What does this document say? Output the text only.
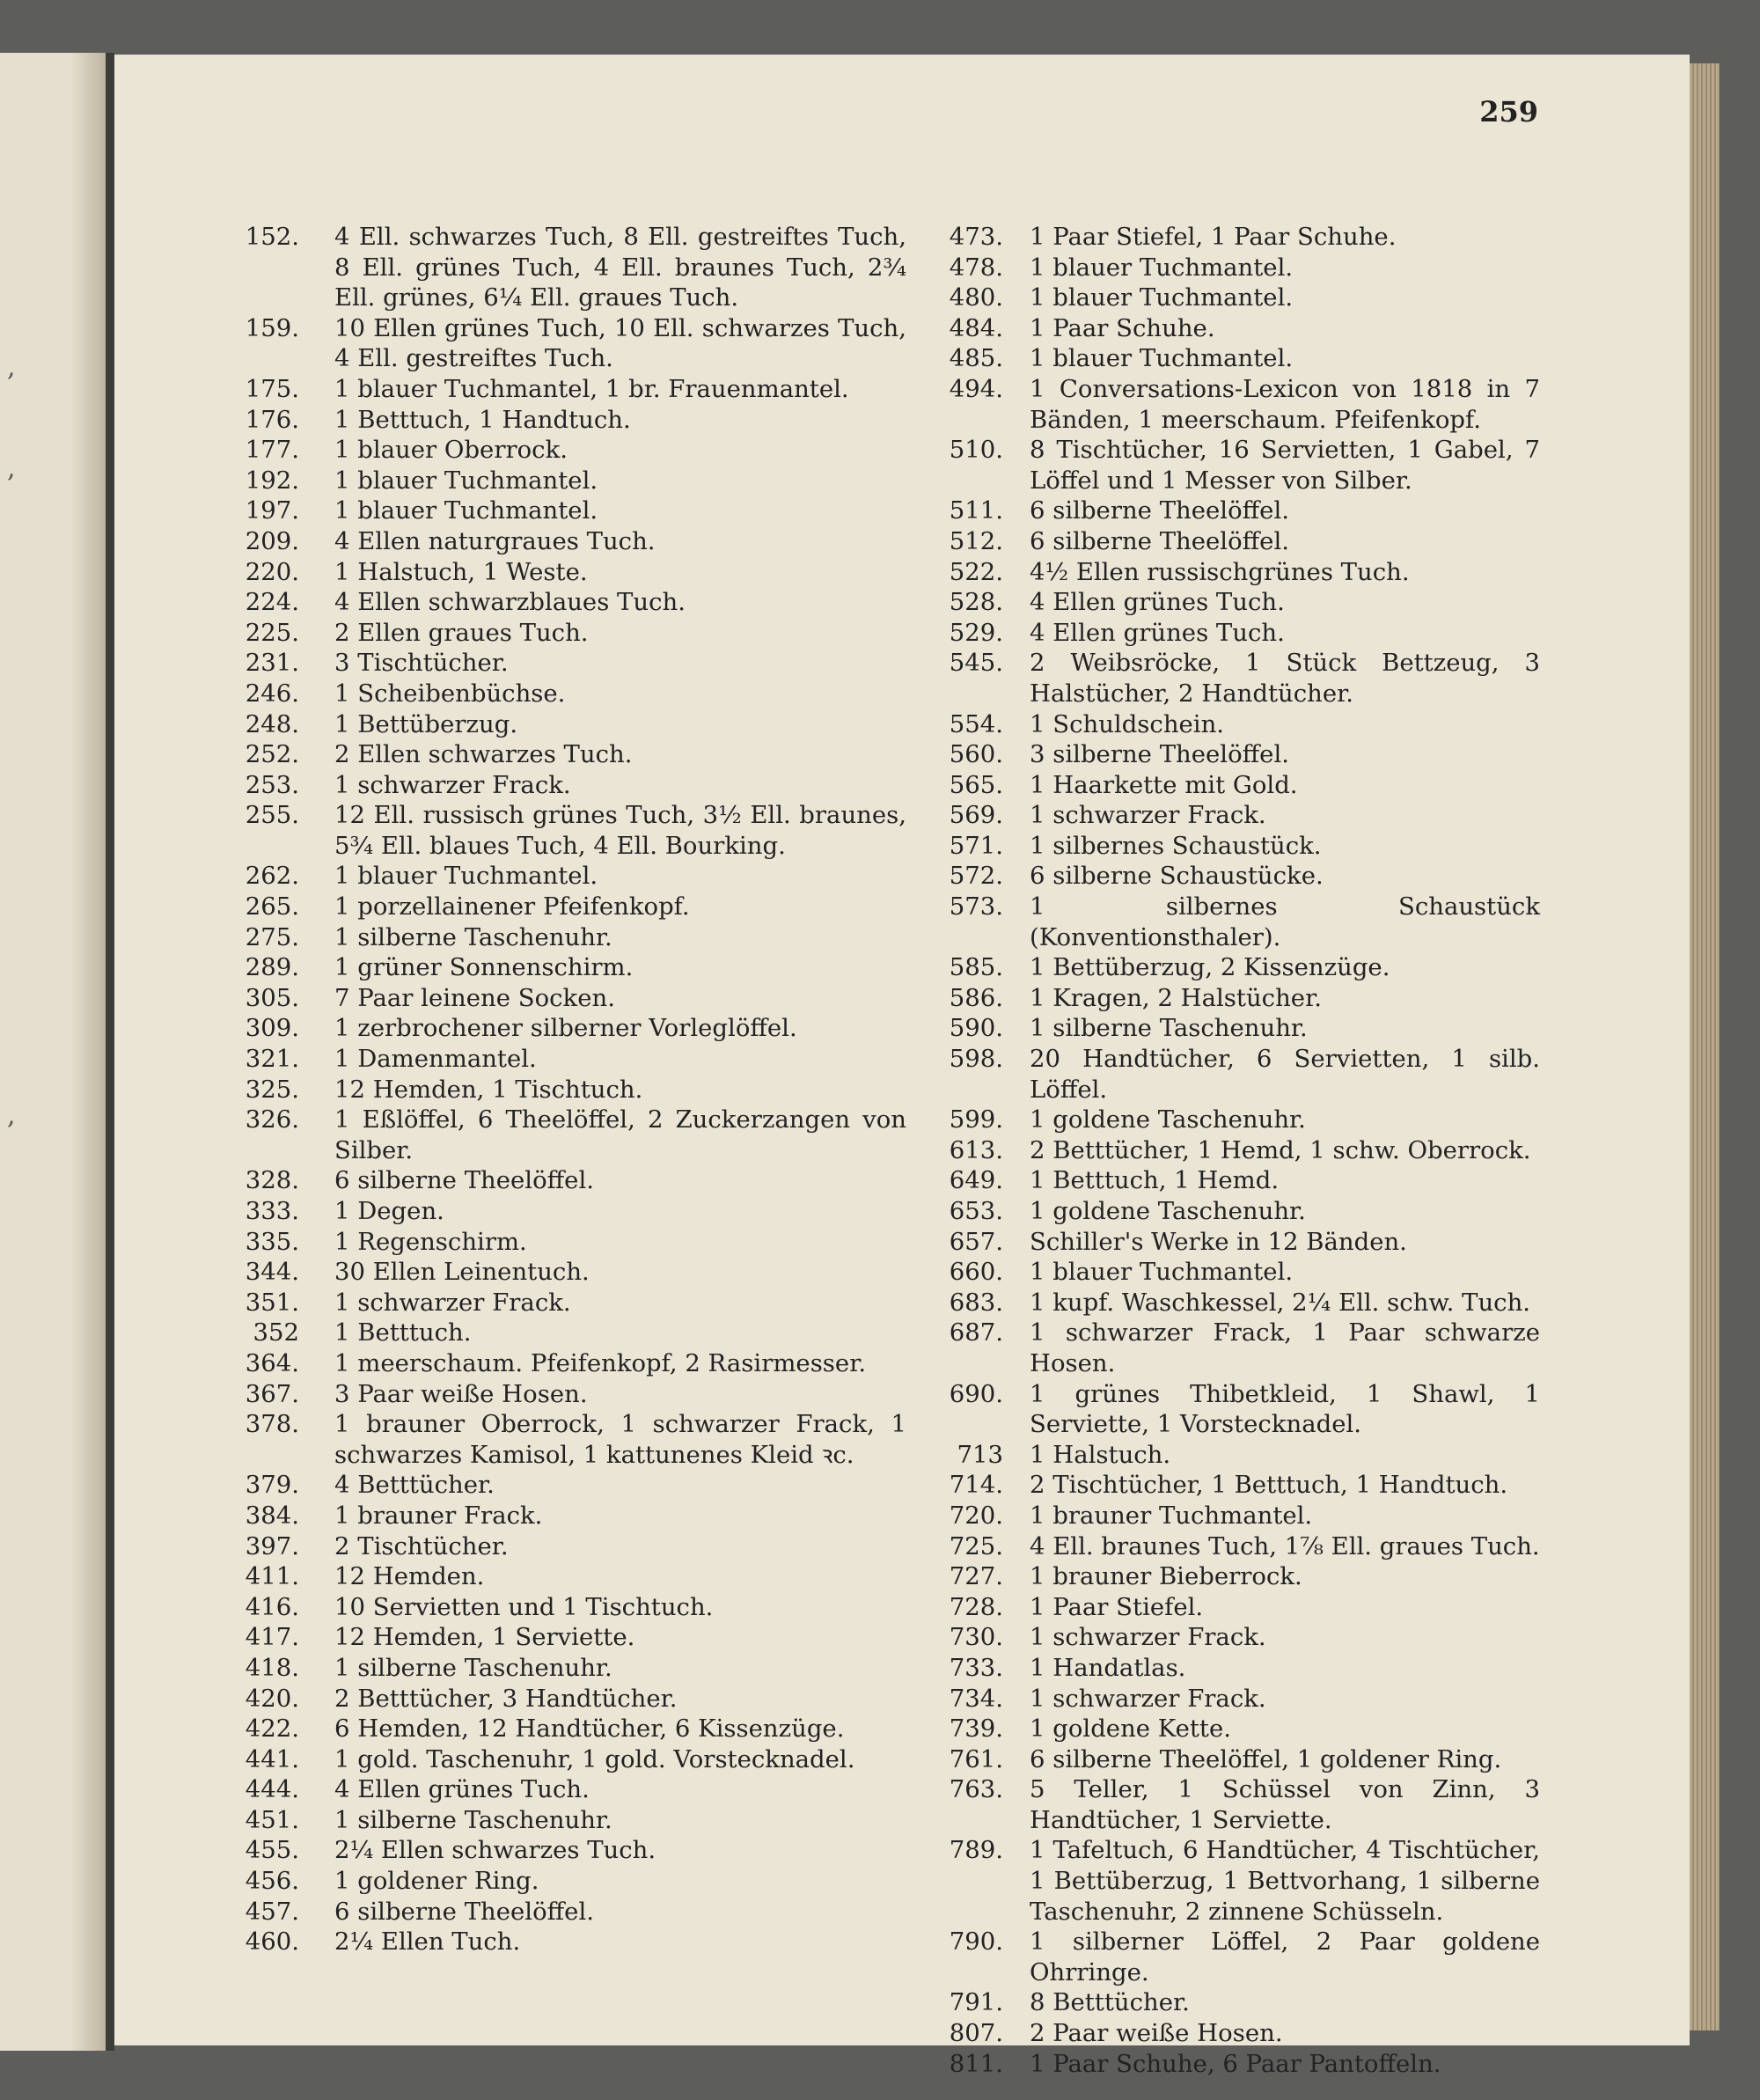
,
,
,
259
152.	4 Ell. schwarzes Tuch, 8 Ell. gestreiftes Tuch, 8 Ell. grünes Tuch, 4 Ell. braunes Tuch, 2¾ Ell. grünes, 6¼ Ell. graues Tuch.
159.	10 Ellen grünes Tuch, 10 Ell. schwarzes Tuch, 4 Ell. gestreiftes Tuch.
175.	1 blauer Tuchmantel, 1 br. Frauenmantel.
176.	1 Betttuch, 1 Handtuch.
177.	1 blauer Oberrock.
192.	1 blauer Tuchmantel.
197.	1 blauer Tuchmantel.
209.	4 Ellen naturgraues Tuch.
220.	1 Halstuch, 1 Weste.
224.	4 Ellen schwarzblaues Tuch.
225.	2 Ellen graues Tuch.
231.	3 Tischtücher.
246.	1 Scheibenbüchse.
248.	1 Bettüberzug.
252.	2 Ellen schwarzes Tuch.
253.	1 schwarzer Frack.
255.	12 Ell. russisch grünes Tuch, 3½ Ell. braunes, 5¾ Ell. blaues Tuch, 4 Ell. Bourking.
262.	1 blauer Tuchmantel.
265.	1 porzellainener Pfeifenkopf.
275.	1 silberne Taschenuhr.
289.	1 grüner Sonnenschirm.
305.	7 Paar leinene Socken.
309.	1 zerbrochener silberner Vorleglöffel.
321.	1 Damenmantel.
325.	12 Hemden, 1 Tischtuch.
326.	1 Eßlöffel, 6 Theelöffel, 2 Zuckerzangen von Silber.
328.	6 silberne Theelöffel.
333.	1 Degen.
335.	1 Regenschirm.
344.	30 Ellen Leinentuch.
351.	1 schwarzer Frack.
352	1 Betttuch.
364.	1 meerschaum. Pfeifenkopf, 2 Rasirmesser.
367.	3 Paar weiße Hosen.
378.	1 brauner Oberrock, 1 schwarzer Frack, 1 schwarzes Kamisol, 1 kattunenes Kleid ꝛc.
379.	4 Betttücher.
384.	1 brauner Frack.
397.	2 Tischtücher.
411.	12 Hemden.
416.	10 Servietten und 1 Tischtuch.
417.	12 Hemden, 1 Serviette.
418.	1 silberne Taschenuhr.
420.	2 Betttücher, 3 Handtücher.
422.	6 Hemden, 12 Handtücher, 6 Kissenzüge.
441.	1 gold. Taschenuhr, 1 gold. Vorstecknadel.
444.	4 Ellen grünes Tuch.
451.	1 silberne Taschenuhr.
455.	2¼ Ellen schwarzes Tuch.
456.	1 goldener Ring.
457.	6 silberne Theelöffel.
460.	2¼ Ellen Tuch.
473.	1 Paar Stiefel, 1 Paar Schuhe.
478.	1 blauer Tuchmantel.
480.	1 blauer Tuchmantel.
484.	1 Paar Schuhe.
485.	1 blauer Tuchmantel.
494.	1 Conversations-Lexicon von 1818 in 7 Bänden, 1 meerschaum. Pfeifenkopf.
510.	8 Tischtücher, 16 Servietten, 1 Gabel, 7 Löffel und 1 Messer von Silber.
511.	6 silberne Theelöffel.
512.	6 silberne Theelöffel.
522.	4½ Ellen russischgrünes Tuch.
528.	4 Ellen grünes Tuch.
529.	4 Ellen grünes Tuch.
545.	2 Weibsröcke, 1 Stück Bettzeug, 3 Halstücher, 2 Handtücher.
554.	1 Schuldschein.
560.	3 silberne Theelöffel.
565.	1 Haarkette mit Gold.
569.	1 schwarzer Frack.
571.	1 silbernes Schaustück.
572.	6 silberne Schaustücke.
573.	1 silbernes Schaustück (Konventionsthaler).
585.	1 Bettüberzug, 2 Kissenzüge.
586.	1 Kragen, 2 Halstücher.
590.	1 silberne Taschenuhr.
598.	20 Handtücher, 6 Servietten, 1 silb. Löffel.
599.	1 goldene Taschenuhr.
613.	2 Betttücher, 1 Hemd, 1 schw. Oberrock.
649.	1 Betttuch, 1 Hemd.
653.	1 goldene Taschenuhr.
657.	Schiller's Werke in 12 Bänden.
660.	1 blauer Tuchmantel.
683.	1 kupf. Waschkessel, 2¼ Ell. schw. Tuch.
687.	1 schwarzer Frack, 1 Paar schwarze Hosen.
690.	1 grünes Thibetkleid, 1 Shawl, 1 Serviette, 1 Vorstecknadel.
713	1 Halstuch.
714.	2 Tischtücher, 1 Betttuch, 1 Handtuch.
720.	1 brauner Tuchmantel.
725.	4 Ell. braunes Tuch, 1⅞ Ell. graues Tuch.
727.	1 brauner Bieberrock.
728.	1 Paar Stiefel.
730.	1 schwarzer Frack.
733.	1 Handatlas.
734.	1 schwarzer Frack.
739.	1 goldene Kette.
761.	6 silberne Theelöffel, 1 goldener Ring.
763.	5 Teller, 1 Schüssel von Zinn, 3 Handtücher, 1 Serviette.
789.	1 Tafeltuch, 6 Handtücher, 4 Tischtücher, 1 Bettüberzug, 1 Bettvorhang, 1 silberne Taschenuhr, 2 zinnene Schüsseln.
790.	1 silberner Löffel, 2 Paar goldene Ohrringe.
791.	8 Betttücher.
807.	2 Paar weiße Hosen.
811.	1 Paar Schuhe, 6 Paar Pantoffeln.
